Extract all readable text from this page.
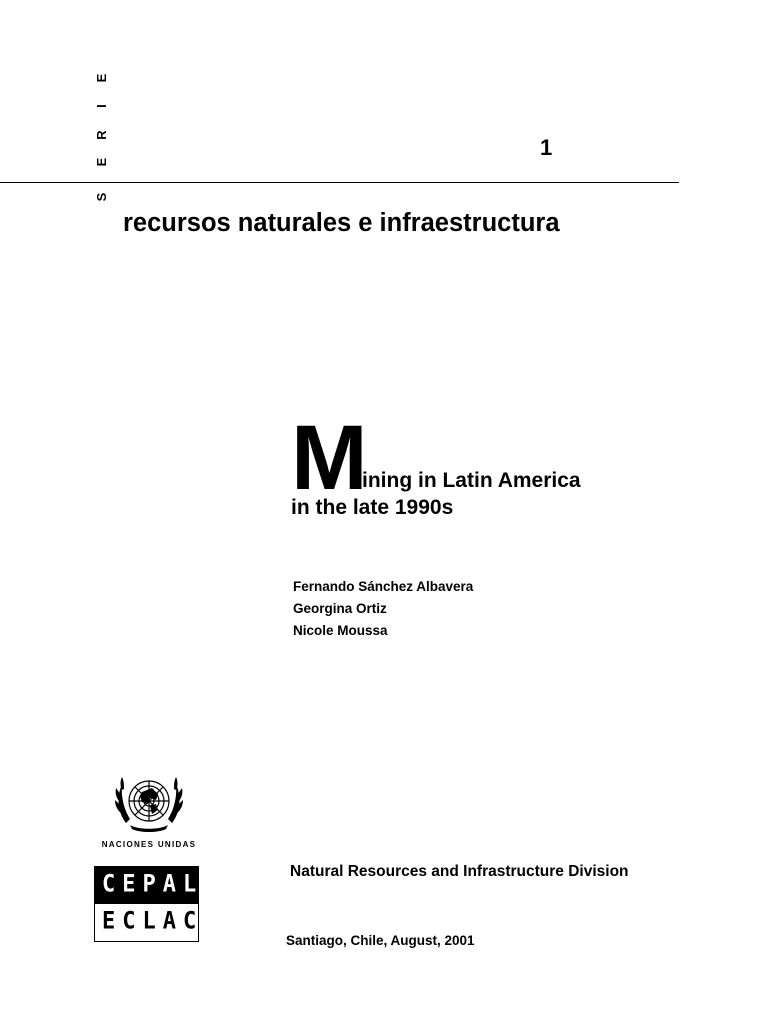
S
E
R
I
E
1
recursos naturales e infraestructura
M
ining in Latin America
in the late 1990s
Fernando Sánchez Albavera
Georgina Ortiz
Nicole Moussa
NACIONES UNIDAS
CEPAL
ECLAC
Natural Resources and Infrastructure Division
Santiago, Chile, August, 2001
